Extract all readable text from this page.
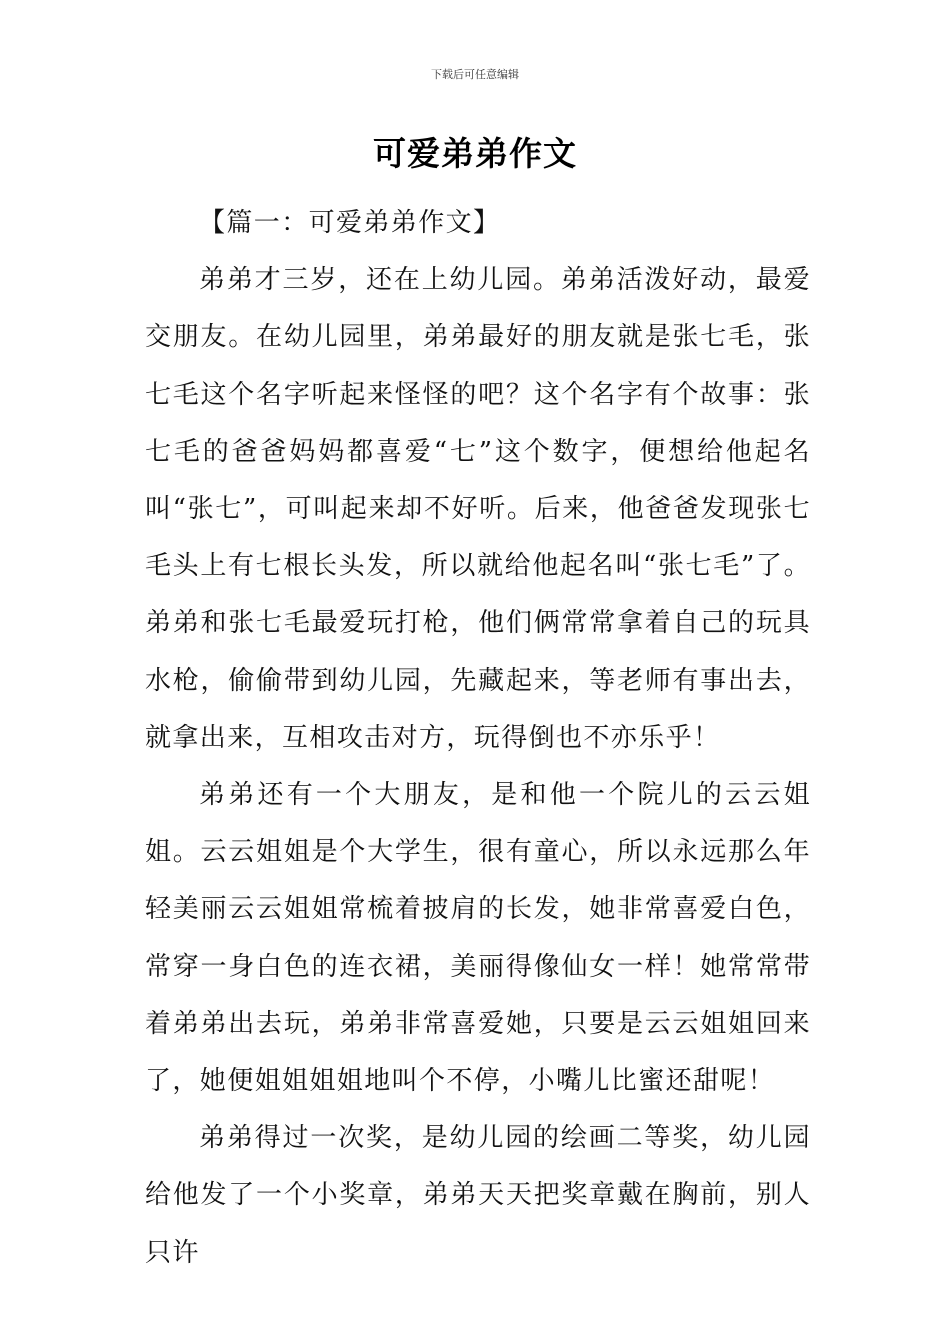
下载后可任意编辑
可爱弟弟作文

【篇一：可爱弟弟作文】

弟弟才三岁，还在上幼儿园。弟弟活泼好动，最爱交朋友。在幼儿园里，弟弟最好的朋友就是张七毛，张七毛这个名字听起来怪怪的吧？这个名字有个故事：张七毛的爸爸妈妈都喜爱“七”这个数字，便想给他起名叫“张七”，可叫起来却不好听。后来，他爸爸发现张七毛头上有七根长头发，所以就给他起名叫“张七毛”了。弟弟和张七毛最爱玩打枪，他们俩常常拿着自己的玩具水枪，偷偷带到幼儿园，先藏起来，等老师有事出去，就拿出来，互相攻击对方，玩得倒也不亦乐乎！

弟弟还有一个大朋友，是和他一个院儿的云云姐姐。云云姐姐是个大学生，很有童心，所以永远那么年轻美丽云云姐姐常梳着披肩的长发，她非常喜爱白色，常穿一身白色的连衣裙，美丽得像仙女一样！她常常带着弟弟出去玩，弟弟非常喜爱她，只要是云云姐姐回来了，她便姐姐姐姐地叫个不停，小嘴儿比蜜还甜呢！

弟弟得过一次奖，是幼儿园的绘画二等奖，幼儿园给他发了一个小奖章，弟弟天天把奖章戴在胸前，别人只许
